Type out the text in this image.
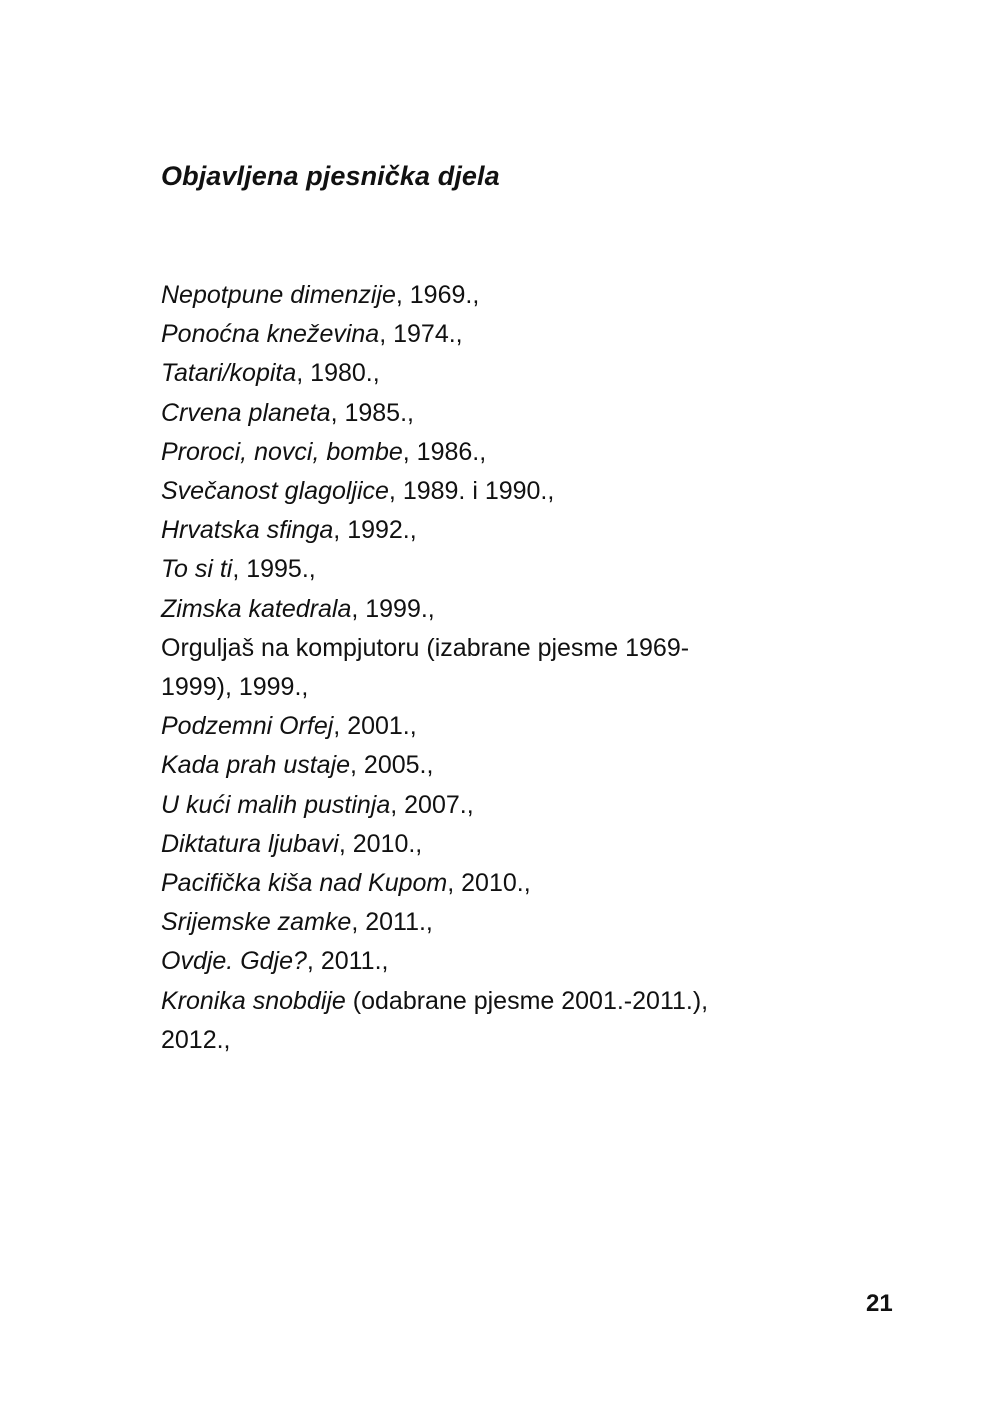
Objavljena pjesnička djela
Nepotpune dimenzije, 1969.,
Ponoćna kneževina, 1974.,
Tatari/kopita, 1980.,
Crvena planeta, 1985.,
Proroci, novci, bombe, 1986.,
Svečanost glagoljice, 1989. i 1990.,
Hrvatska sfinga, 1992.,
To si ti, 1995.,
Zimska katedrala, 1999.,
Orguljaš na kompjutoru (izabrane pjesme 1969-
1999), 1999.,
Podzemni Orfej, 2001.,
Kada prah ustaje, 2005.,
U kući malih pustinja, 2007.,
Diktatura ljubavi, 2010.,
Pacifička kiša nad Kupom, 2010.,
Srijemske zamke, 2011.,
Ovdje. Gdje?, 2011.,
Kronika snobdije (odabrane pjesme 2001.-2011.),
2012.,
21
